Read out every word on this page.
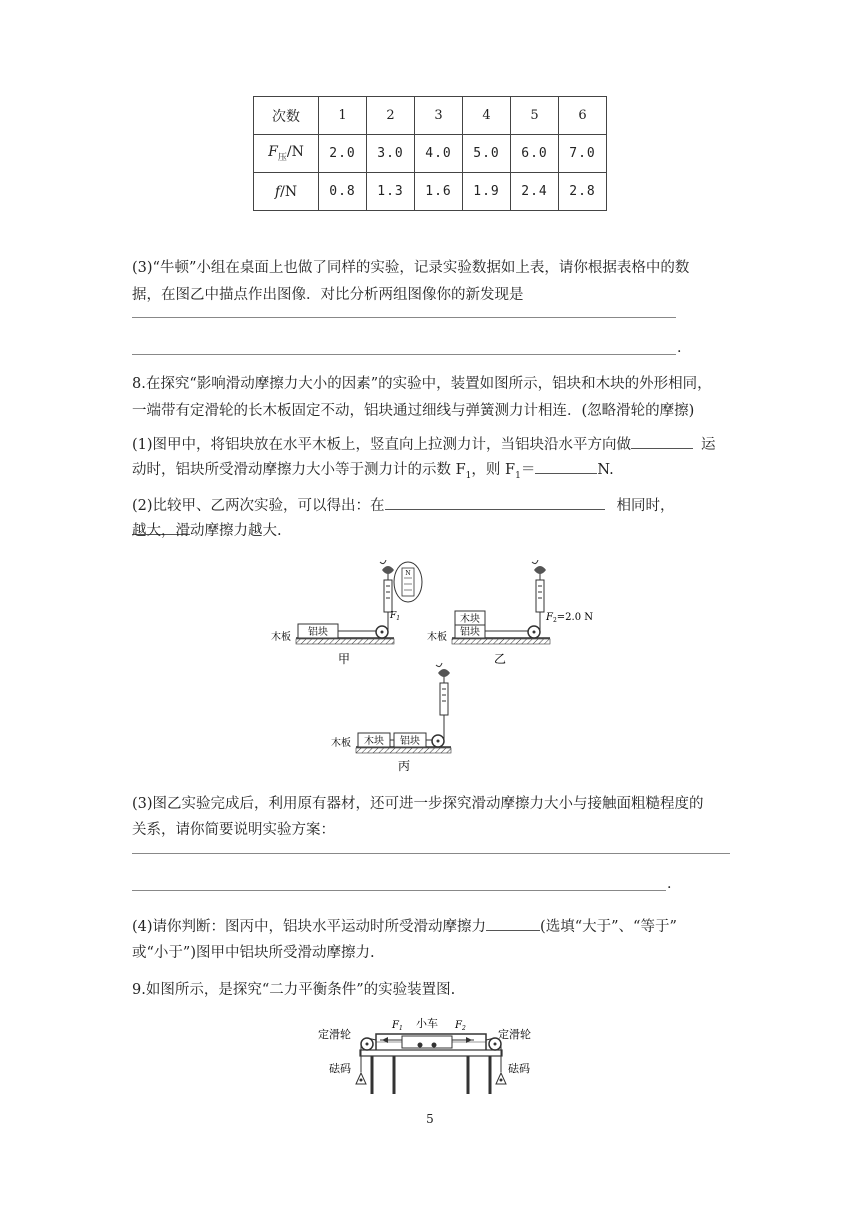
次数	1	2	3	4	5	6
$F_压/N$	2.0	3.0	4.0	5.0	6.0	7.0
f/N	0.8	1.3	1.6	1.9	2.4	2.8
(3)“牛顿”小组在桌面上也做了同样的实验，记录实验数据如上表，请你根据表格中的数
据，在图乙中描点作出图像．对比分析两组图像你的新发现是
.
8.在探究“影响滑动摩擦力大小的因素”的实验中，装置如图所示，铝块和木块的外形相同，
一端带有定滑轮的长木板固定不动，铝块通过细线与弹簧测力计相连．(忽略滑轮的摩擦)
(1)图甲中，将铝块放在水平木板上，竖直向上拉测力计，当铝块沿水平方向做	运
动时，铝块所受滑动摩擦力大小等于测力计的示数 $F_1$，则 $F_1=$	N.
(2)比较甲、乙两次实验，可以得出：在	相同时，
越大，滑动摩擦力越大.
铝块
$F_1$
N
木板
甲
木块
铝块
$F_2=2.0$ N
木板
乙
木块 铝块
木板
丙
(3)图乙实验完成后，利用原有器材，还可进一步探究滑动摩擦力大小与接触面粗糙程度的
关系，请你简要说明实验方案：
.
(4)请你判断：图丙中，铝块水平运动时所受滑动摩擦力	(选填“大于”、“等于”
或“小于”)图甲中铝块所受滑动摩擦力.
9.如图所示，是探究“二力平衡条件”的实验装置图.
小车
$F_1$	$F_2$
定滑轮	定滑轮
砝码	砝码
5
